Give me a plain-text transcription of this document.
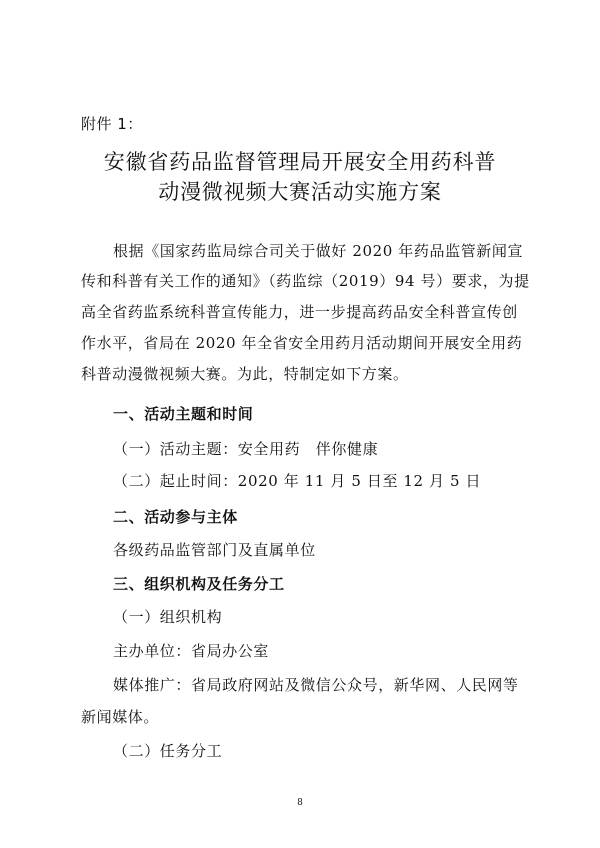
附件 1：
安徽省药品监督管理局开展安全用药科普
动漫微视频大赛活动实施方案
根据《国家药监局综合司关于做好 2020 年药品监管新闻宣
传和科普有关工作的通知》（药监综（2019）94 号）要求，为提
高全省药监系统科普宣传能力，进一步提高药品安全科普宣传创
作水平，省局在 2020 年全省安全用药月活动期间开展安全用药
科普动漫微视频大赛。为此，特制定如下方案。
一、活动主题和时间
（一）活动主题：安全用药　伴你健康
（二）起止时间：2020 年 11 月 5 日至 12 月 5 日
二、活动参与主体
各级药品监管部门及直属单位
三、组织机构及任务分工
（一）组织机构
主办单位：省局办公室
媒体推广：省局政府网站及微信公众号，新华网、人民网等
新闻媒体。
（二）任务分工
8
